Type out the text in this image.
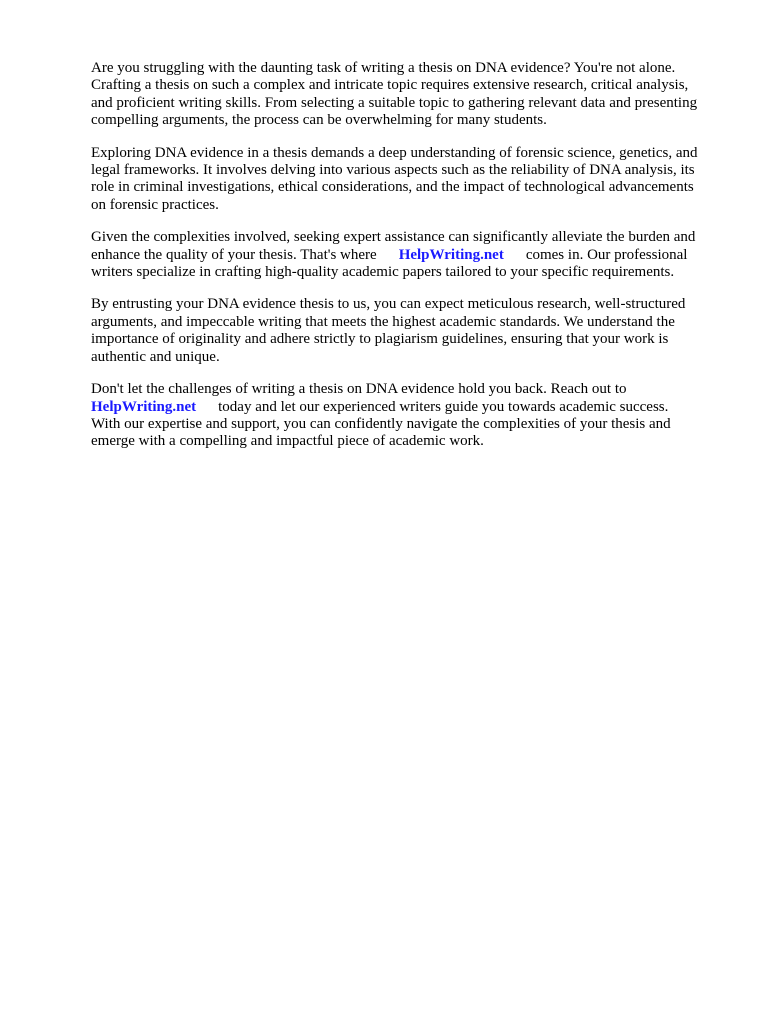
Are you struggling with the daunting task of writing a thesis on DNA evidence? You're not alone.
Crafting a thesis on such a complex and intricate topic requires extensive research, critical analysis,
and proficient writing skills. From selecting a suitable topic to gathering relevant data and presenting
compelling arguments, the process can be overwhelming for many students.

Exploring DNA evidence in a thesis demands a deep understanding of forensic science, genetics, and
legal frameworks. It involves delving into various aspects such as the reliability of DNA analysis, its
role in criminal investigations, ethical considerations, and the impact of technological advancements
on forensic practices.

Given the complexities involved, seeking expert assistance can significantly alleviate the burden and
enhance the quality of your thesis. That's where HelpWriting.net comes in. Our professional
writers specialize in crafting high-quality academic papers tailored to your specific requirements.

By entrusting your DNA evidence thesis to us, you can expect meticulous research, well-structured
arguments, and impeccable writing that meets the highest academic standards. We understand the
importance of originality and adhere strictly to plagiarism guidelines, ensuring that your work is
authentic and unique.

Don't let the challenges of writing a thesis on DNA evidence hold you back. Reach out to
HelpWriting.net today and let our experienced writers guide you towards academic success.
With our expertise and support, you can confidently navigate the complexities of your thesis and
emerge with a compelling and impactful piece of academic work.
